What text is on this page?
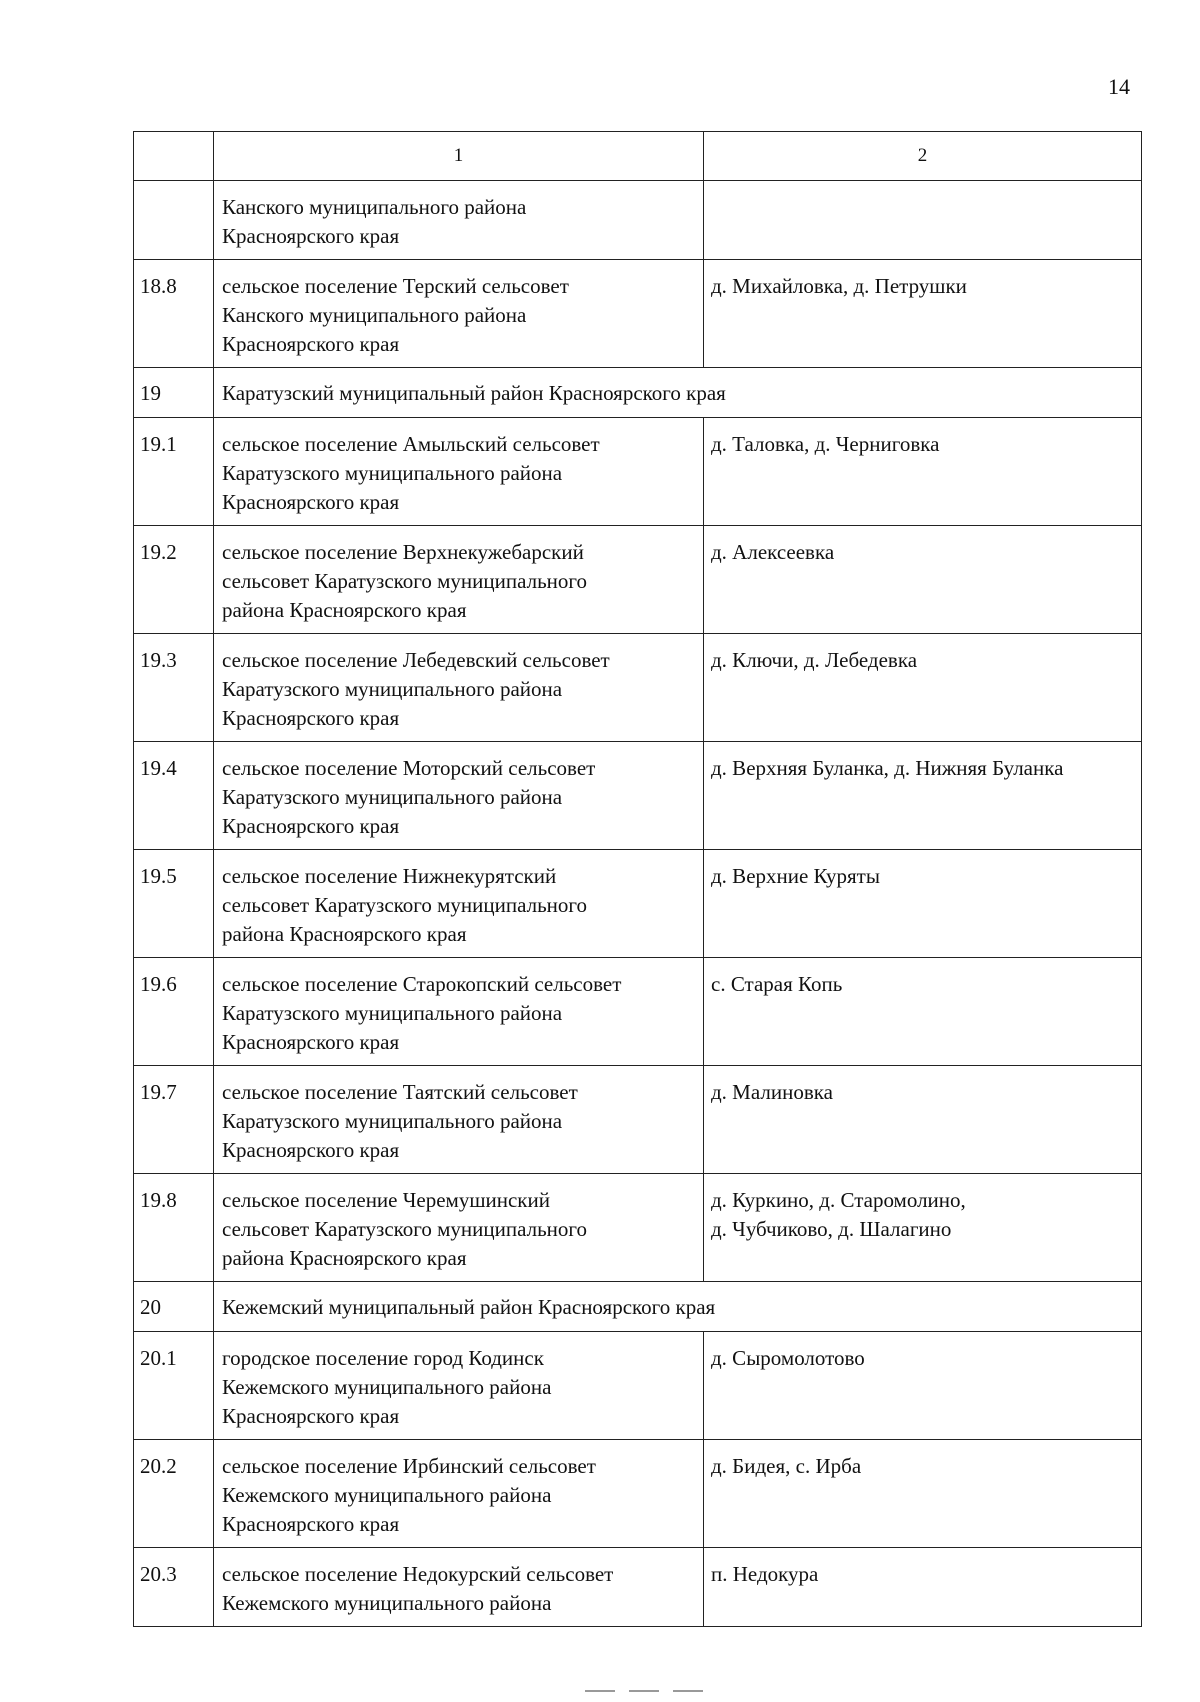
14
	1	2
	Канского муниципального района
Красноярского края	
18.8	сельское поселение Терский сельсовет
Канского муниципального района
Красноярского края	д. Михайловка, д. Петрушки
19	Каратузский муниципальный район Красноярского края	
19.1	сельское поселение Амыльский сельсовет
Каратузского муниципального района
Красноярского края	д. Таловка, д. Черниговка
19.2	сельское поселение Верхнекужебарский
сельсовет Каратузского муниципального
района Красноярского края	д. Алексеевка
19.3	сельское поселение Лебедевский сельсовет
Каратузского муниципального района
Красноярского края	д. Ключи, д. Лебедевка
19.4	сельское поселение Моторский сельсовет
Каратузского муниципального района
Красноярского края	д. Верхняя Буланка, д. Нижняя Буланка
19.5	сельское поселение Нижнекурятский
сельсовет Каратузского муниципального
района Красноярского края	д. Верхние Куряты
19.6	сельское поселение Старокопский сельсовет
Каратузского муниципального района
Красноярского края	с. Старая Копь
19.7	сельское поселение Таятский сельсовет
Каратузского муниципального района
Красноярского края	д. Малиновка
19.8	сельское поселение Черемушинский
сельсовет Каратузского муниципального
района Красноярского края	д. Куркино, д. Старомолино,
д. Чубчиково, д. Шалагино
20	Кежемский муниципальный район Красноярского края	
20.1	городское поселение город Кодинск
Кежемского муниципального района
Красноярского края	д. Сыромолотово
20.2	сельское поселение Ирбинский сельсовет
Кежемского муниципального района
Красноярского края	д. Бидея, с. Ирба
20.3	сельское поселение Недокурский сельсовет
Кежемского муниципального района	п. Недокура
